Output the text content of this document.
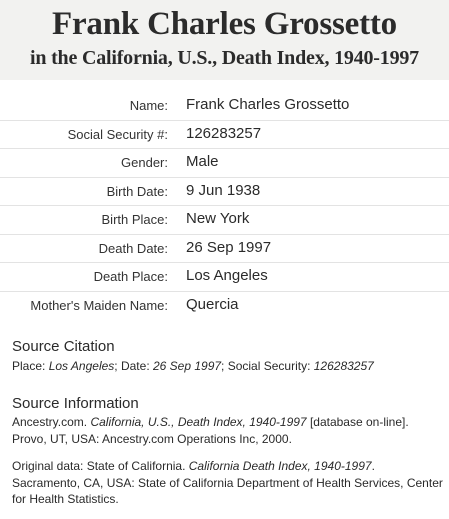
Frank Charles Grossetto
in the California, U.S., Death Index, 1940-1997
Name: Frank Charles Grossetto
Social Security #: 126283257
Gender: Male
Birth Date: 9 Jun 1938
Birth Place: New York
Death Date: 26 Sep 1997
Death Place: Los Angeles
Mother's Maiden Name: Quercia
Source Citation
Place: Los Angeles; Date: 26 Sep 1997; Social Security: 126283257
Source Information
Ancestry.com. California, U.S., Death Index, 1940-1997 [database on-line]. Provo, UT, USA: Ancestry.com Operations Inc, 2000.
Original data: State of California. California Death Index, 1940-1997. Sacramento, CA, USA: State of California Department of Health Services, Center for Health Statistics.
